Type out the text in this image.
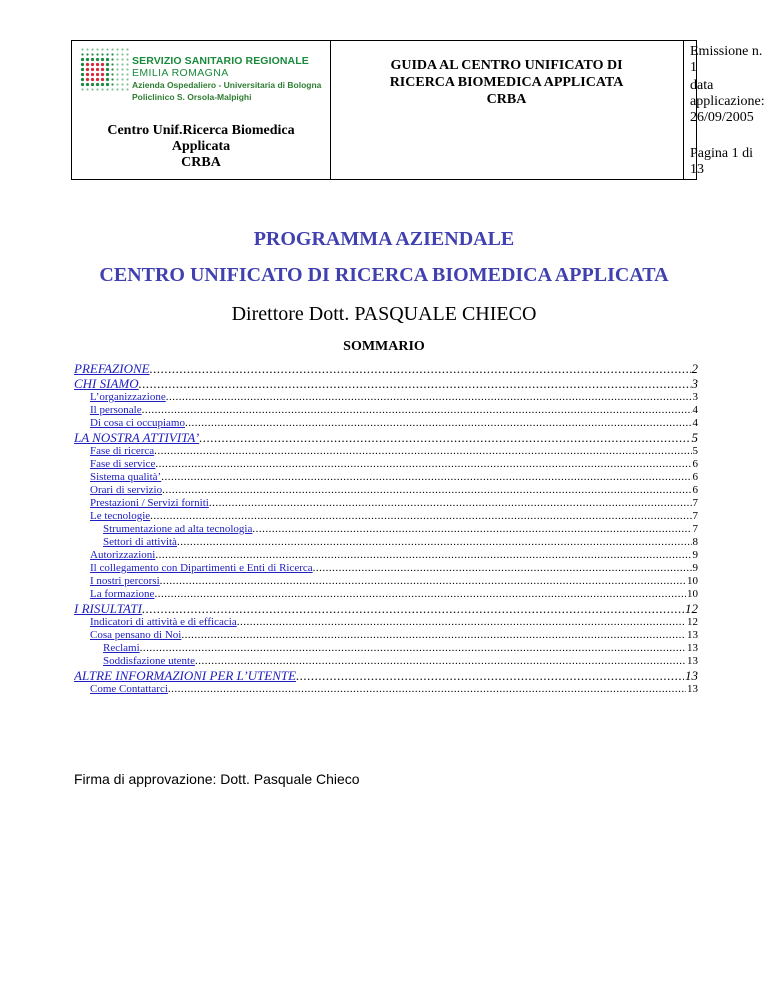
SERVIZIO SANITARIO REGIONALE
EMILIA ROMAGNA
Azienda Ospedaliero - Universitaria di Bologna
Policlinico S. Orsola-Malpighi
Centro Unif.Ricerca Biomedica
Applicata
CRBA
GUIDA AL CENTRO UNIFICATO DI
RICERCA BIOMEDICA APPLICATA
CRBA
Emissione n. 1
data
applicazione:
26/09/2005
Pagina 1 di 13
PROGRAMMA AZIENDALE
CENTRO UNIFICATO DI RICERCA BIOMEDICA APPLICATA
Direttore Dott. PASQUALE CHIECO
SOMMARIO
PREFAZIONE .....	2
CHI SIAMO .....	3
L’organizzazione .....	3
Il personale .....	4
Di cosa ci occupiamo .....	4
LA NOSTRA ATTIVITA’ .....	5
Fase di ricerca .....	5
Fase di service .....	6
Sistema qualità’ .....	6
Orari di servizio .....	6
Prestazioni / Servizi forniti .....	7
Le tecnologie .....	7
Strumentazione ad alta tecnologia .....	7
Settori di attività .....	8
Autorizzazioni .....	9
Il collegamento con Dipartimenti e Enti di Ricerca .....	9
I nostri percorsi .....	10
La formazione .....	10
I RISULTATI .....	12
Indicatori di attività e di efficacia .....	12
Cosa pensano di Noi .....	13
Reclami .....	13
Soddisfazione utente .....	13
ALTRE INFORMAZIONI PER L’UTENTE .....	13
Come Contattarci .....	13
Firma di approvazione: Dott. Pasquale Chieco
